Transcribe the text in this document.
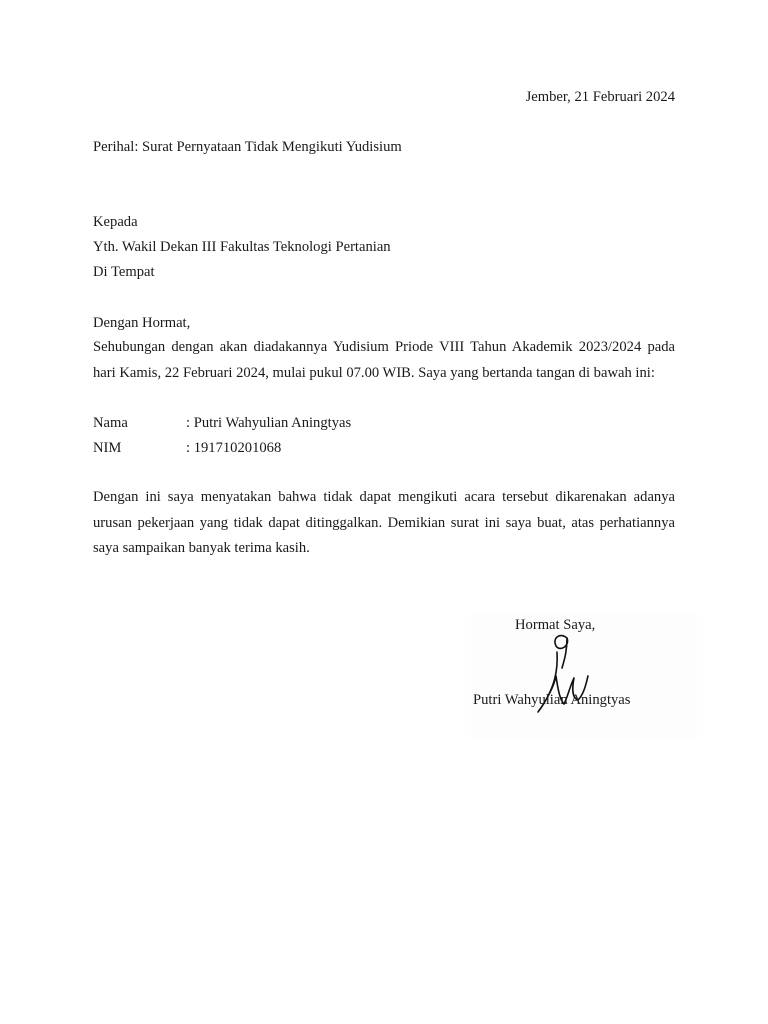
Jember, 21 Februari 2024
Perihal: Surat Pernyataan Tidak Mengikuti Yudisium
Kepada
Yth. Wakil Dekan III Fakultas Teknologi Pertanian
Di Tempat
Dengan Hormat,
Sehubungan dengan akan diadakannya Yudisium Priode VIII Tahun Akademik 2023/2024 pada hari Kamis, 22 Februari 2024, mulai pukul 07.00 WIB. Saya yang bertanda tangan di bawah ini:
Nama	: Putri Wahyulian Aningtyas
NIM	: 191710201068
Dengan ini saya menyatakan bahwa tidak dapat mengikuti acara tersebut dikarenakan adanya urusan pekerjaan yang tidak dapat ditinggalkan. Demikian surat ini saya buat, atas perhatiannya saya sampaikan banyak terima kasih.
Hormat Saya,
Putri Wahyulian Aningtyas
